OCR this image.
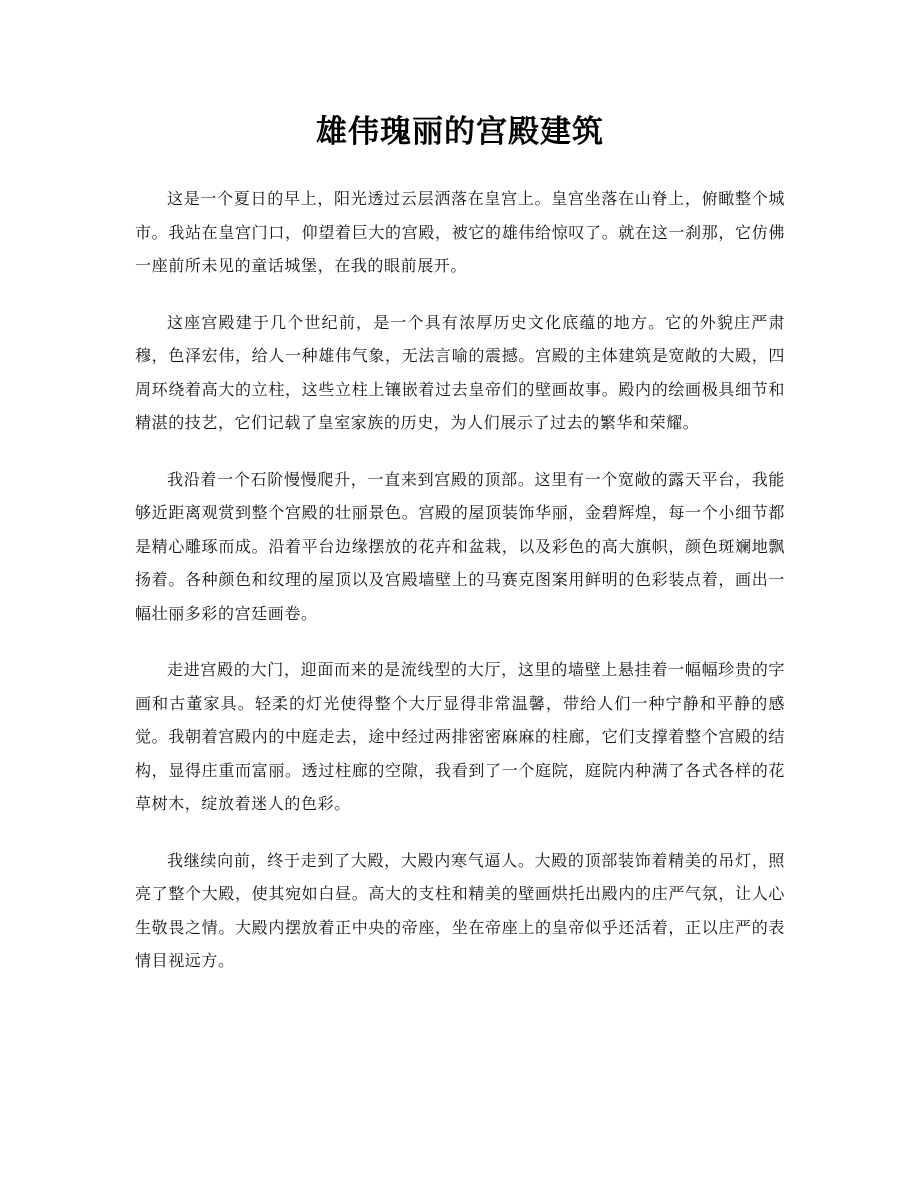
雄伟瑰丽的宫殿建筑

这是一个夏日的早上，阳光透过云层洒落在皇宫上。皇宫坐落在山脊上，俯瞰整个城市。我站在皇宫门口，仰望着巨大的宫殿，被它的雄伟给惊叹了。就在这一刹那，它仿佛一座前所未见的童话城堡，在我的眼前展开。

这座宫殿建于几个世纪前，是一个具有浓厚历史文化底蕴的地方。它的外貌庄严肃穆，色泽宏伟，给人一种雄伟气象，无法言喻的震撼。宫殿的主体建筑是宽敞的大殿，四周环绕着高大的立柱，这些立柱上镶嵌着过去皇帝们的壁画故事。殿内的绘画极具细节和精湛的技艺，它们记载了皇室家族的历史，为人们展示了过去的繁华和荣耀。

我沿着一个石阶慢慢爬升，一直来到宫殿的顶部。这里有一个宽敞的露天平台，我能够近距离观赏到整个宫殿的壮丽景色。宫殿的屋顶装饰华丽，金碧辉煌，每一个小细节都是精心雕琢而成。沿着平台边缘摆放的花卉和盆栽，以及彩色的高大旗帜，颜色斑斓地飘扬着。各种颜色和纹理的屋顶以及宫殿墙壁上的马赛克图案用鲜明的色彩装点着，画出一幅壮丽多彩的宫廷画卷。

走进宫殿的大门，迎面而来的是流线型的大厅，这里的墙壁上悬挂着一幅幅珍贵的字画和古董家具。轻柔的灯光使得整个大厅显得非常温馨，带给人们一种宁静和平静的感觉。我朝着宫殿内的中庭走去，途中经过两排密密麻麻的柱廊，它们支撑着整个宫殿的结构，显得庄重而富丽。透过柱廊的空隙，我看到了一个庭院，庭院内种满了各式各样的花草树木，绽放着迷人的色彩。

我继续向前，终于走到了大殿，大殿内寒气逼人。大殿的顶部装饰着精美的吊灯，照亮了整个大殿，使其宛如白昼。高大的支柱和精美的壁画烘托出殿内的庄严气氛，让人心生敬畏之情。大殿内摆放着正中央的帝座，坐在帝座上的皇帝似乎还活着，正以庄严的表情目视远方。
